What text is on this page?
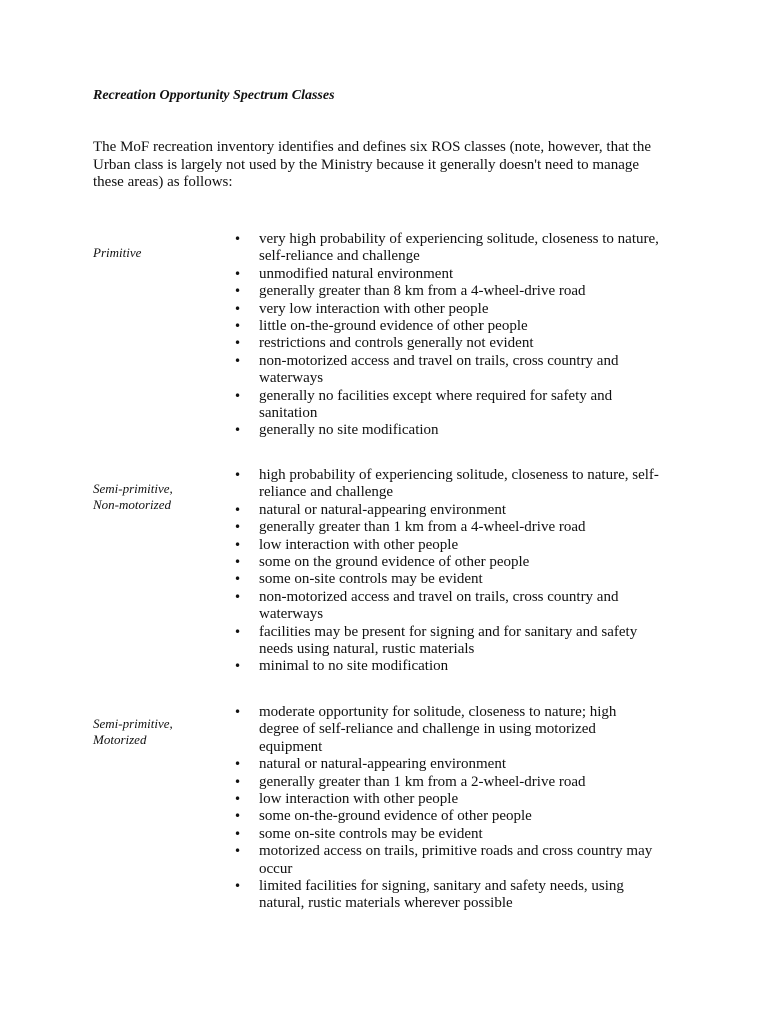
Recreation Opportunity Spectrum Classes

The MoF recreation inventory identifies and defines six ROS classes (note, however, that the Urban class is largely not used by the Ministry because it generally doesn't need to manage these areas) as follows:

Primitive

• very high probability of experiencing solitude, closeness to nature, self-reliance and challenge
• unmodified natural environment
• generally greater than 8 km from a 4-wheel-drive road
• very low interaction with other people
• little on-the-ground evidence of other people
• restrictions and controls generally not evident
• non-motorized access and travel on trails, cross country and waterways
• generally no facilities except where required for safety and sanitation
• generally no site modification

Semi-primitive, Non-motorized

• high probability of experiencing solitude, closeness to nature, self-reliance and challenge
• natural or natural-appearing environment
• generally greater than 1 km from a 4-wheel-drive road
• low interaction with other people
• some on the ground evidence of other people
• some on-site controls may be evident
• non-motorized access and travel on trails, cross country and waterways
• facilities may be present for signing and for sanitary and safety needs using natural, rustic materials
• minimal to no site modification

Semi-primitive, Motorized

• moderate opportunity for solitude, closeness to nature; high degree of self-reliance and challenge in using motorized equipment
• natural or natural-appearing environment
• generally greater than 1 km from a 2-wheel-drive road
• low interaction with other people
• some on-the-ground evidence of other people
• some on-site controls may be evident
• motorized access on trails, primitive roads and cross country may occur
• limited facilities for signing, sanitary and safety needs, using natural, rustic materials wherever possible
